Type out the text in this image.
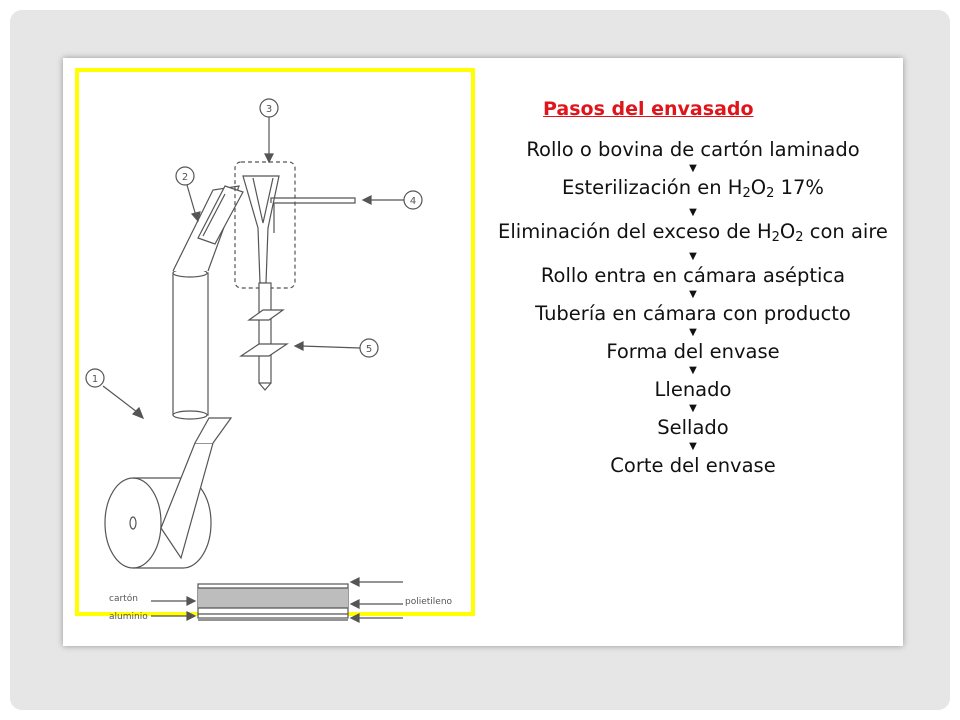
3
2
4
5
1
cartón
aluminio
polietileno
Pasos del envasado
Rollo o bovina de cartón laminado
▼
Esterilización en $H_2O_2$ 17%
▼
Eliminación del exceso de $H_2O_2$ con aire
▼
Rollo entra en cámara aséptica
▼
Tubería en cámara con producto
▼
Forma del envase
▼
Llenado
▼
Sellado
▼
Corte del envase
